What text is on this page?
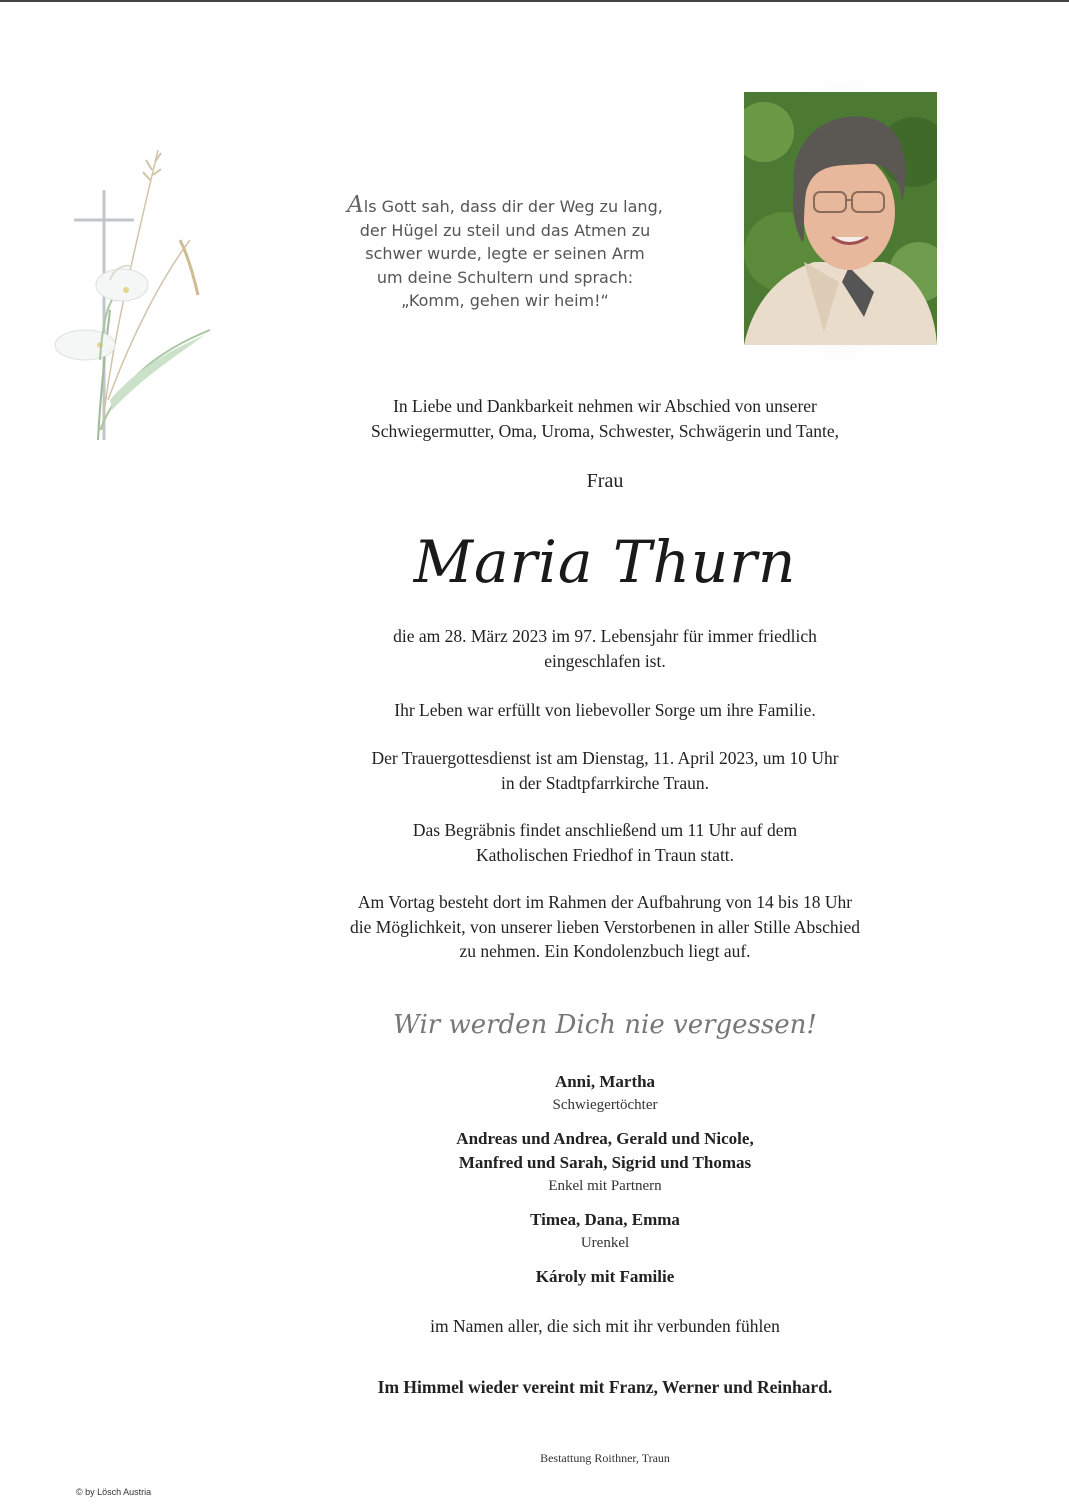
Als Gott sah, dass dir der Weg zu lang,
der Hügel zu steil und das Atmen zu
schwer wurde, legte er seinen Arm
um deine Schultern und sprach:
„Komm, gehen wir heim!“
In Liebe und Dankbarkeit nehmen wir Abschied von unserer
Schwiegermutter, Oma, Uroma, Schwester, Schwägerin und Tante,
Frau
Maria Thurn
die am 28. März 2023 im 97. Lebensjahr für immer friedlich
eingeschlafen ist.
Ihr Leben war erfüllt von liebevoller Sorge um ihre Familie.
Der Trauergottesdienst ist am Dienstag, 11. April 2023, um 10 Uhr
in der Stadtpfarrkirche Traun.
Das Begräbnis findet anschließend um 11 Uhr auf dem
Katholischen Friedhof in Traun statt.
Am Vortag besteht dort im Rahmen der Aufbahrung von 14 bis 18 Uhr
die Möglichkeit, von unserer lieben Verstorbenen in aller Stille Abschied
zu nehmen. Ein Kondolenzbuch liegt auf.
Wir werden Dich nie vergessen!
Anni, Martha
Schwiegertöchter
Andreas und Andrea, Gerald und Nicole,
Manfred und Sarah, Sigrid und Thomas
Enkel mit Partnern
Timea, Dana, Emma
Urenkel
Károly mit Familie
im Namen aller, die sich mit ihr verbunden fühlen
Im Himmel wieder vereint mit Franz, Werner und Reinhard.
Bestattung Roithner, Traun
© by Lösch Austria
